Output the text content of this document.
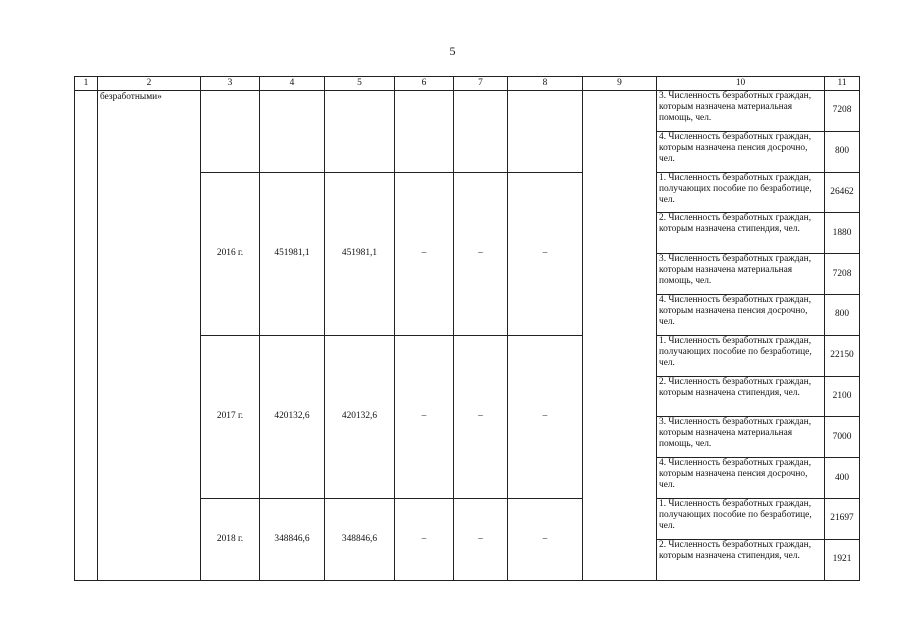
5
1	2	3	4	5	6	7	8	9	10	11
	безработными»								3. Численность безработных граждан, которым назначена материальная помощь, чел.	7208
									4. Численность безработных граждан, которым назначена пенсия досрочно, чел.	800
		2016 г.	451981,1	451981,1	–	–	–		1. Численность безработных граждан, получающих пособие по безработице, чел.	26462
									2. Численность безработных граждан, которым назначена стипендия, чел.	1880
									3. Численность безработных граждан, которым назначена материальная помощь, чел.	7208
									4. Численность безработных граждан, которым назначена пенсия досрочно, чел.	800
		2017 г.	420132,6	420132,6	–	–	–		1. Численность безработных граждан, получающих пособие по безработице, чел.	22150
									2. Численность безработных граждан, которым назначена стипендия, чел.	2100
									3. Численность безработных граждан, которым назначена материальная помощь, чел.	7000
									4. Численность безработных граждан, которым назначена пенсия досрочно, чел.	400
		2018 г.	348846,6	348846,6	–	–	–		1. Численность безработных граждан, получающих пособие по безработице, чел.	21697
									2. Численность безработных граждан, которым назначена стипендия, чел.	1921
